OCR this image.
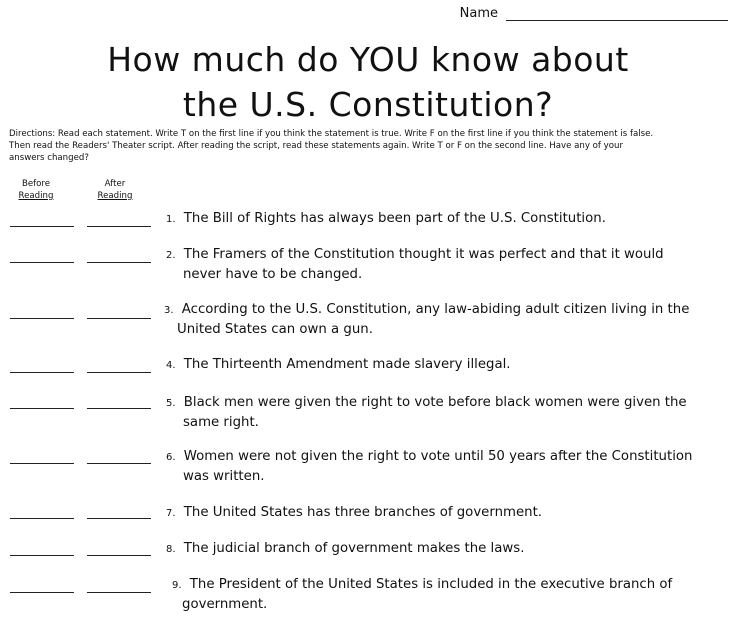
Name
How much do YOU know about
the U.S. Constitution?
Directions: Read each statement. Write T on the first line if you think the statement is true. Write F on the first line if you think the statement is false.
Then read the Readers' Theater script. After reading the script, read these statements again. Write T or F on the second line. Have any of your
answers changed?
Before
Reading
After
Reading
1. The Bill of Rights has always been part of the U.S. Constitution.
2. The Framers of the Constitution thought it was perfect and that it would
never have to be changed.
3. According to the U.S. Constitution, any law-abiding adult citizen living in the
United States can own a gun.
4. The Thirteenth Amendment made slavery illegal.
5. Black men were given the right to vote before black women were given the
same right.
6. Women were not given the right to vote until 50 years after the Constitution
was written.
7. The United States has three branches of government.
8. The judicial branch of government makes the laws.
9. The President of the United States is included in the executive branch of
government.
